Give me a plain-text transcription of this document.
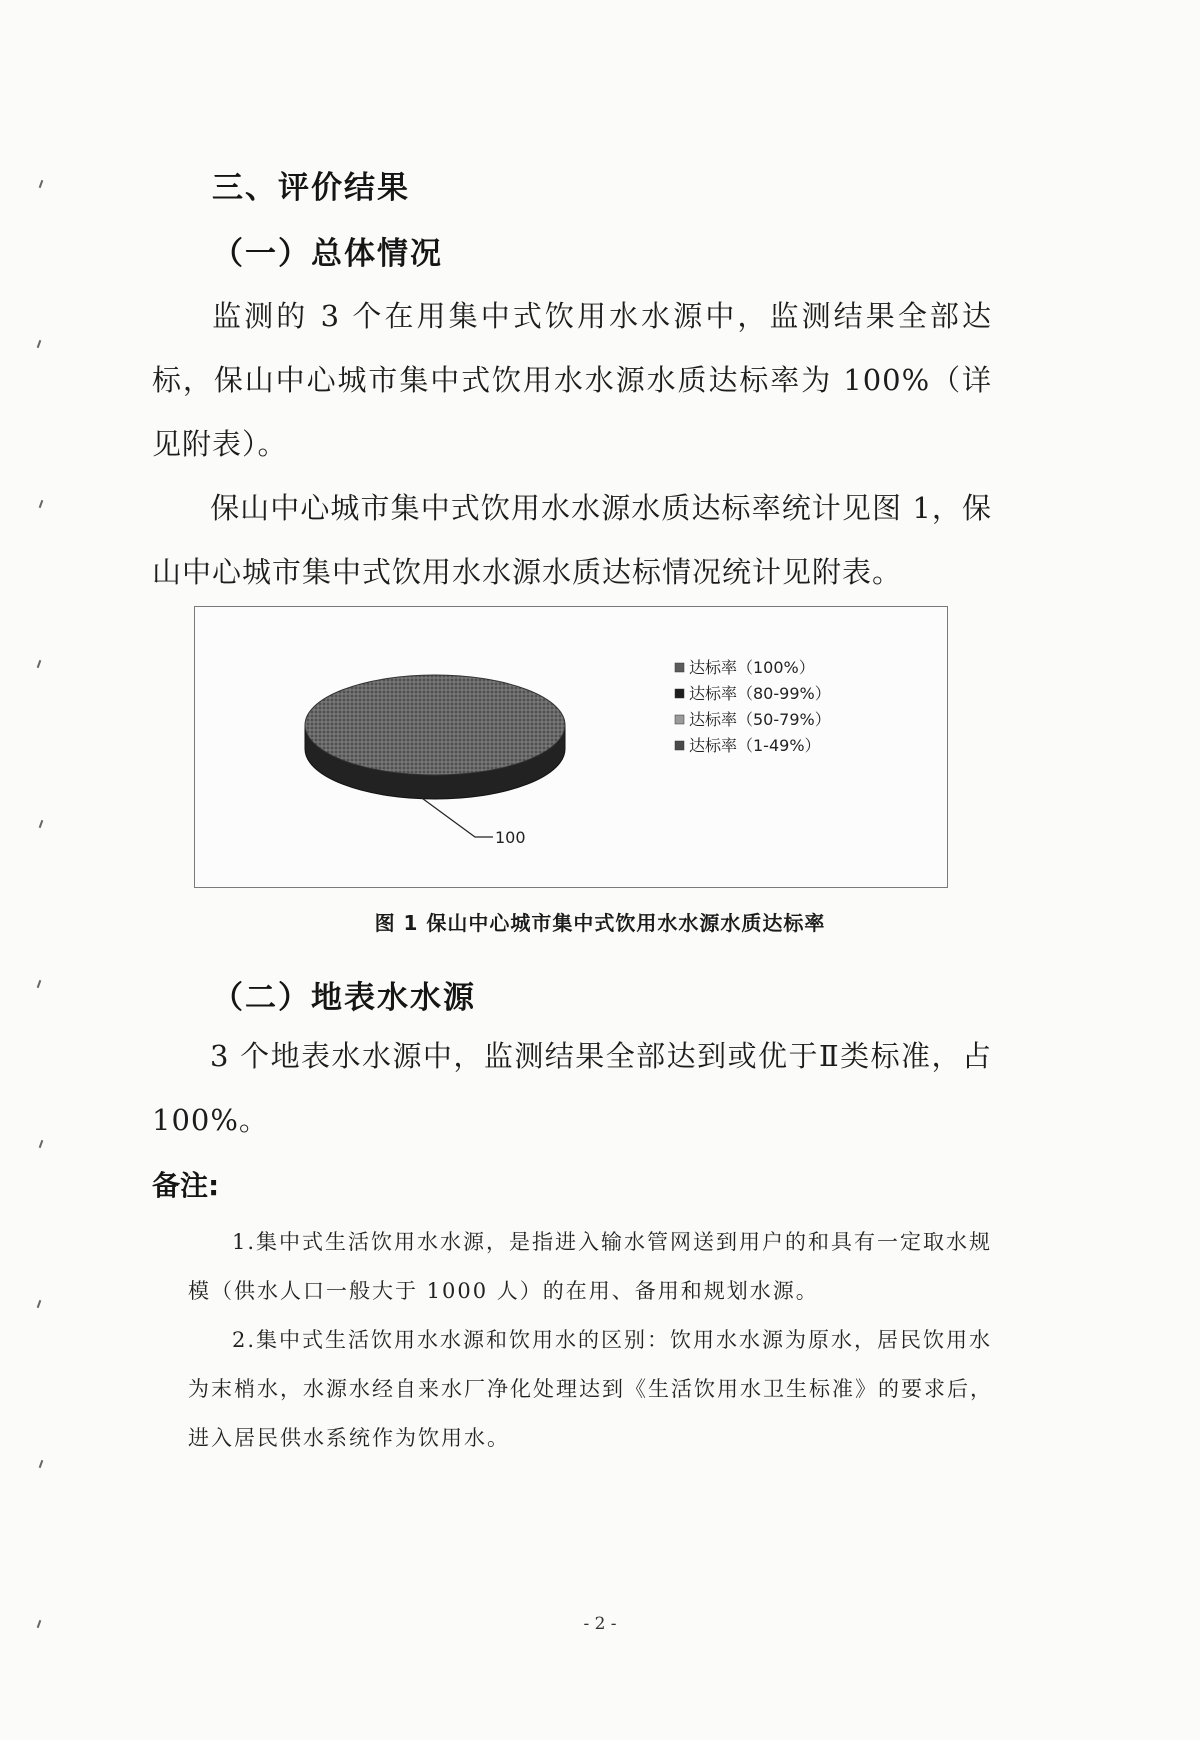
三、评价结果
（一）总体情况
监测的 3 个在用集中式饮用水水源中，监测结果全部达标，保山中心城市集中式饮用水水源水质达标率为 100%（详见附表）。
保山中心城市集中式饮用水水源水质达标率统计见图 1，保山中心城市集中式饮用水水源水质达标情况统计见附表。
100
达标率（100%）
达标率（80-99%）
达标率（50-79%）
达标率（1-49%）
图 1 保山中心城市集中式饮用水水源水质达标率
（二）地表水水源
3 个地表水水源中，监测结果全部达到或优于Ⅱ类标准，占 100%。
备注:
1.集中式生活饮用水水源，是指进入输水管网送到用户的和具有一定取水规模（供水人口一般大于 1000 人）的在用、备用和规划水源。
2.集中式生活饮用水水源和饮用水的区别：饮用水水源为原水，居民饮用水为末梢水，水源水经自来水厂净化处理达到《生活饮用水卫生标准》的要求后，进入居民供水系统作为饮用水。
- 2 -
